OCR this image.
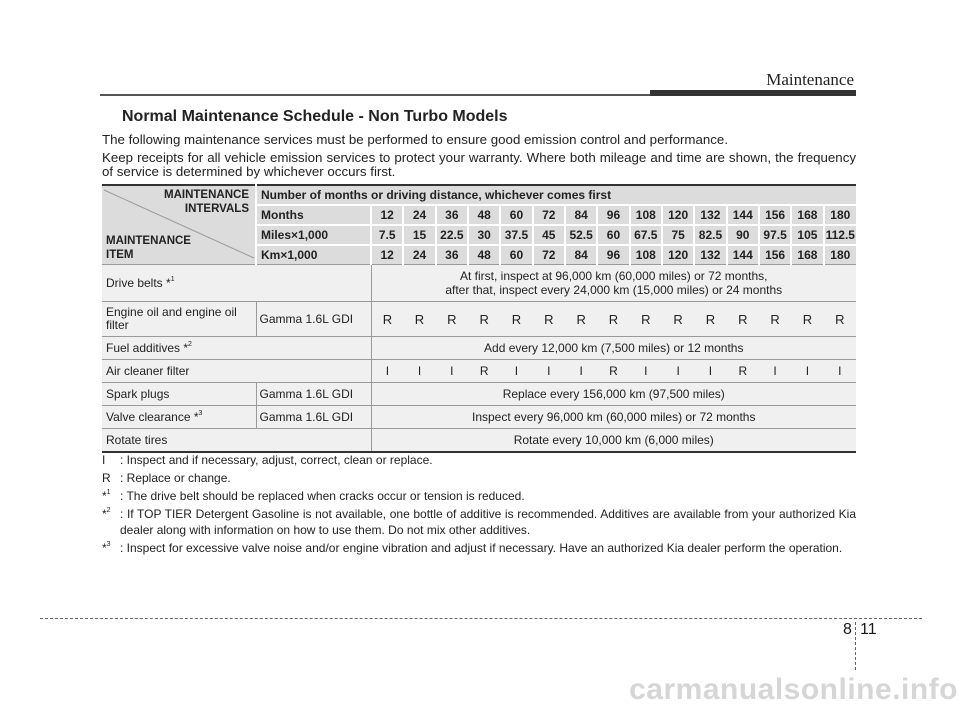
Maintenance
Normal Maintenance Schedule - Non Turbo Models
The following maintenance services must be performed to ensure good emission control and performance.
Keep receipts for all vehicle emission services to protect your warranty. Where both mileage and time are shown, the frequency of service is determined by whichever occurs first.
MAINTENANCE
INTERVALS
MAINTENANCE
ITEM	Number of months or driving distance, whichever comes first															
	Months	12	24	36	48	60	72	84	96	108	120	132	144	156	168	180
	Miles×1,000	7.5	15	22.5	30	37.5	45	52.5	60	67.5	75	82.5	90	97.5	105	112.5
	Km×1,000	12	24	36	48	60	72	84	96	108	120	132	144	156	168	180
Drive belts *$^1$		At first, inspect at 96,000 km (60,000 miles) or 72 months,
after that, inspect every 24,000 km (15,000 miles) or 24 months														

Engine oil and engine oil
filter	Gamma 1.6L GDI	R	R	R	R	R	R	R	R	R	R	R	R	R	R	R
Fuel additives *$^2$		Add every 12,000 km (7,500 miles) or 12 months														
Air cleaner filter		I	I	I	R	I	I	I	R	I	I	I	R	I	I	I
Spark plugs	Gamma 1.6L GDI	Replace every 156,000 km (97,500 miles)														
Valve clearance *$^3$	Gamma 1.6L GDI	Inspect every 96,000 km (60,000 miles) or 72 months														
Rotate tires		Rotate every 10,000 km (6,000 miles)														
I	: Inspect and if necessary, adjust, correct, clean or replace.
R : Replace or change.
*$^1$ : The drive belt should be replaced when cracks occur or tension is reduced.
*$^2$ : If TOP TIER Detergent Gasoline is not available, one bottle of additive is recommended. Additives are available from your authorized Kia dealer along with information on how to use them. Do not mix other additives.
*$^3$ : Inspect for excessive valve noise and/or engine vibration and adjust if necessary. Have an authorized Kia dealer perform the operation.
8 11
carmanualsonline.info
